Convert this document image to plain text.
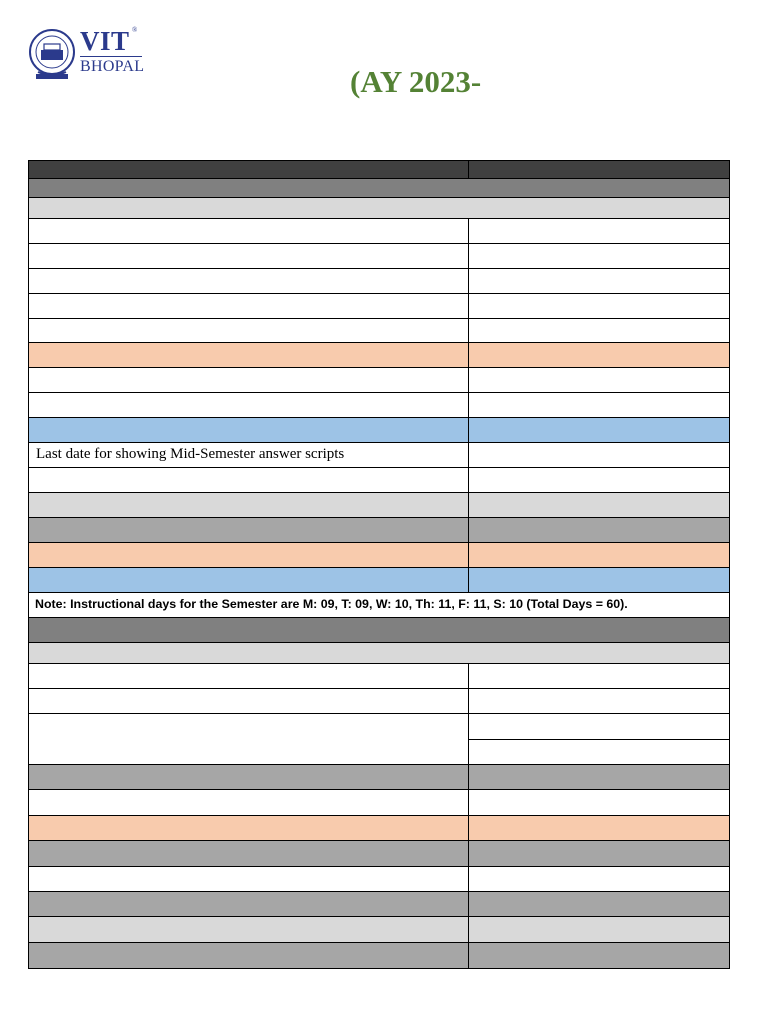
VIT ®
BHOPAL	(AY 2023-
Last date for showing Mid-Semester answer scripts
Note: Instructional days for the Semester are M: 09, T: 09, W: 10, Th: 11, F: 11, S: 10 (Total Days = 60).
